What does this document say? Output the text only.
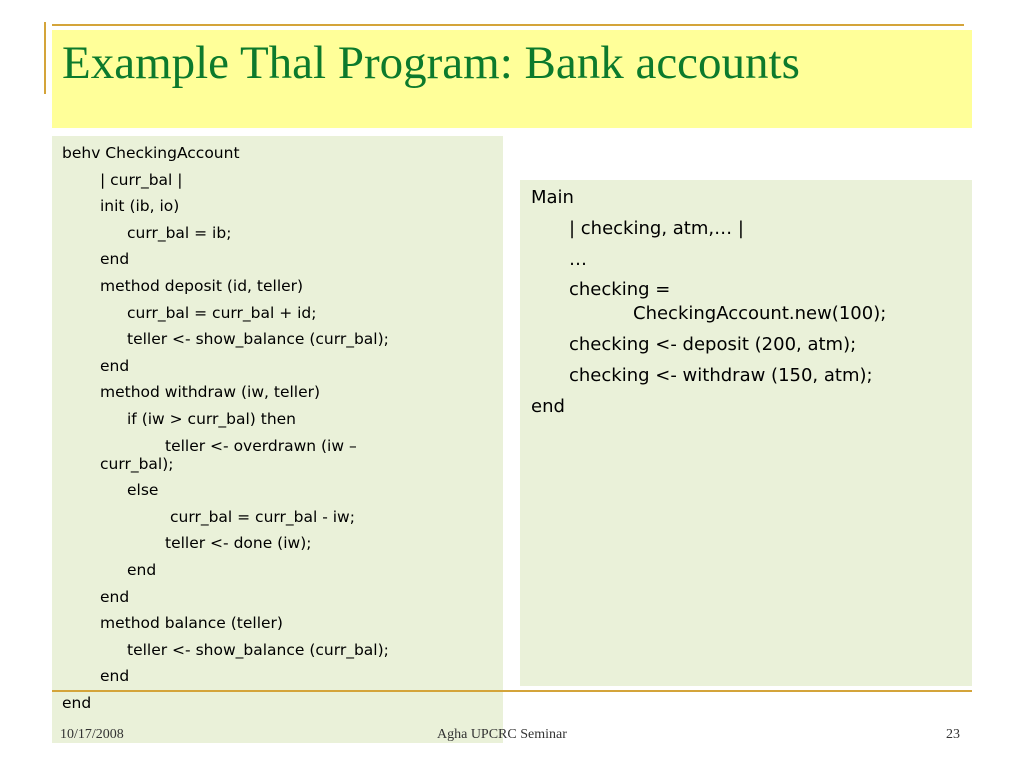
Example Thal Program: Bank accounts
behv CheckingAccount
| curr_bal |
init (ib, io)
curr_bal = ib;
end
method deposit (id, teller)
curr_bal = curr_bal + id;
teller <- show_balance (curr_bal);
end
method withdraw (iw, teller)
if (iw > curr_bal) then
teller <- overdrawn (iw –
curr_bal);
else
curr_bal = curr_bal - iw;
teller <- done (iw);
end
end
method balance (teller)
teller <- show_balance (curr_bal);
end
end
Main
| checking, atm,… |
…
checking =
CheckingAccount.new(100);
checking <- deposit (200, atm);
checking <- withdraw (150, atm);
end
10/17/2008	Agha UPCRC Seminar	23
